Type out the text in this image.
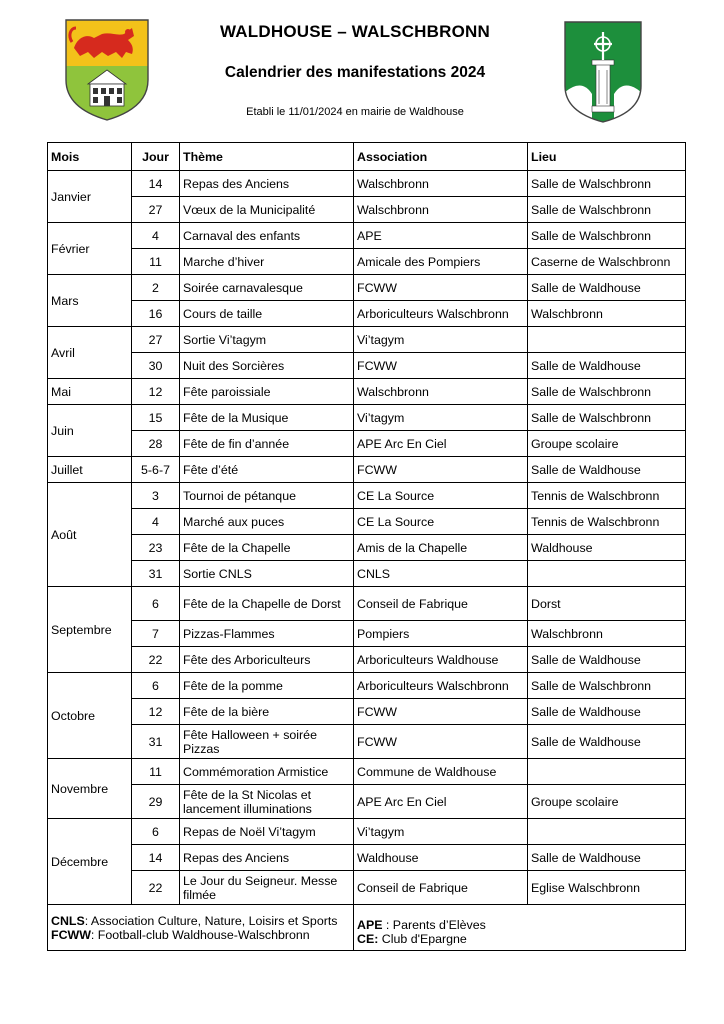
WALDHOUSE – WALSCHBRONN
Calendrier des manifestations 2024
Etabli le 11/01/2024 en mairie de Waldhouse
Mois	Jour	Thème	Association	Lieu
Janvier	14	Repas des Anciens	Walschbronn	Salle de Walschbronn
	27	Vœux de la Municipalité	Walschbronn	Salle de Walschbronn
Février	4	Carnaval des enfants	APE	Salle de Walschbronn
	11	Marche d’hiver	Amicale des Pompiers	Caserne de Walschbronn
Mars	2	Soirée carnavalesque	FCWW	Salle de Waldhouse
	16	Cours de taille	Arboriculteurs Walschbronn	Walschbronn
Avril	27	Sortie Vi’tagym	Vi’tagym	
	30	Nuit des Sorcières	FCWW	Salle de Waldhouse
Mai	12	Fête paroissiale	Walschbronn	Salle de Walschbronn
Juin	15	Fête de la Musique	Vi’tagym	Salle de Walschbronn
	28	Fête de fin d’année	APE Arc En Ciel	Groupe scolaire
Juillet	5-6-7	Fête d’été	FCWW	Salle de Waldhouse
Août	3	Tournoi de pétanque	CE La Source	Tennis de Walschbronn
	4	Marché aux puces	CE La Source	Tennis de Walschbronn
	23	Fête de la Chapelle	Amis de la Chapelle	Waldhouse
	31	Sortie CNLS	CNLS	
Septembre	6	Fête de la Chapelle de Dorst	Conseil de Fabrique	Dorst
	7	Pizzas-Flammes	Pompiers	Walschbronn
	22	Fête des Arboriculteurs	Arboriculteurs Waldhouse	Salle de Waldhouse
Octobre	6	Fête de la pomme	Arboriculteurs Walschbronn	Salle de Walschbronn
	12	Fête de la bière	FCWW	Salle de Waldhouse
	31	Fête Halloween + soirée Pizzas	FCWW	Salle de Waldhouse
Novembre	11	Commémoration Armistice	Commune de Waldhouse	
	29	Fête de la St Nicolas et lancement illuminations	APE Arc En Ciel	Groupe scolaire
Décembre	6	Repas de Noël Vi’tagym	Vi’tagym	
	14	Repas des Anciens	Waldhouse	Salle de Waldhouse
	22	Le Jour du Seigneur. Messe filmée	Conseil de Fabrique	Eglise Walschbronn
CNLS: Association Culture, Nature, Loisirs et Sports
FCWW: Football-club Waldhouse-Walschbronn			APE : Parents d’Elèves
CE: Club d'Epargne	
